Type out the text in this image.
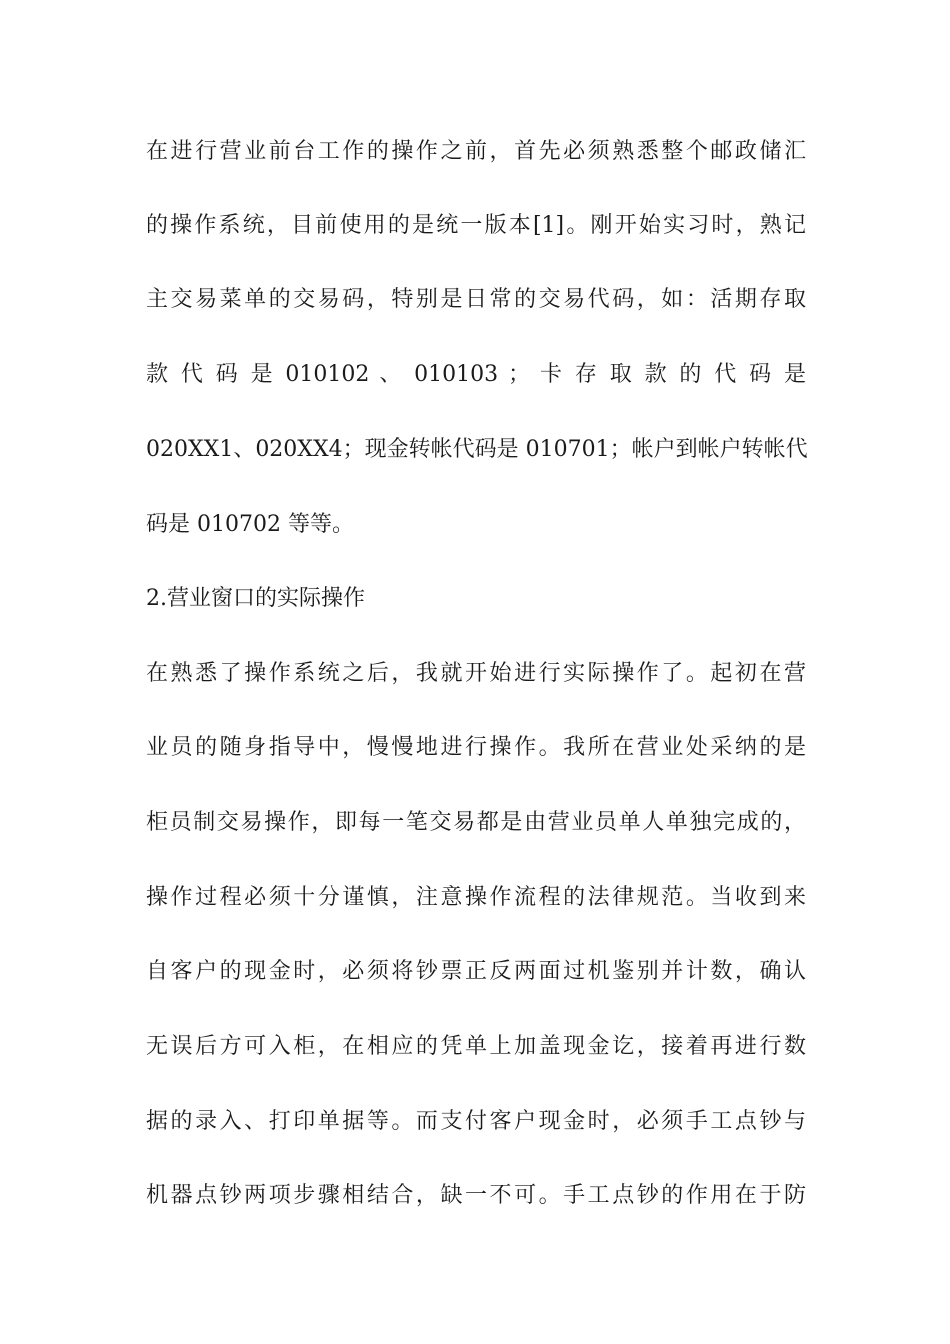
在进行营业前台工作的操作之前，首先必须熟悉整个邮政储汇
的操作系统，目前使用的是统一版本[1]。刚开始实习时，熟记
主交易菜单的交易码，特别是日常的交易代码，如：活期存取
款 代 码 是 010102 、 010103 ； 卡 存 取 款 的 代 码 是
020XX1、020XX4；现金转帐代码是 010701；帐户到帐户转帐代
码是 010702 等等。
2.营业窗口的实际操作
在熟悉了操作系统之后，我就开始进行实际操作了。起初在营
业员的随身指导中，慢慢地进行操作。我所在营业处采纳的是
柜员制交易操作，即每一笔交易都是由营业员单人单独完成的，
操作过程必须十分谨慎，注意操作流程的法律规范。当收到来
自客户的现金时，必须将钞票正反两面过机鉴别并计数，确认
无误后方可入柜，在相应的凭单上加盖现金讫，接着再进行数
据的录入、打印单据等。而支付客户现金时，必须手工点钞与
机器点钞两项步骤相结合，缺一不可。手工点钞的作用在于防
